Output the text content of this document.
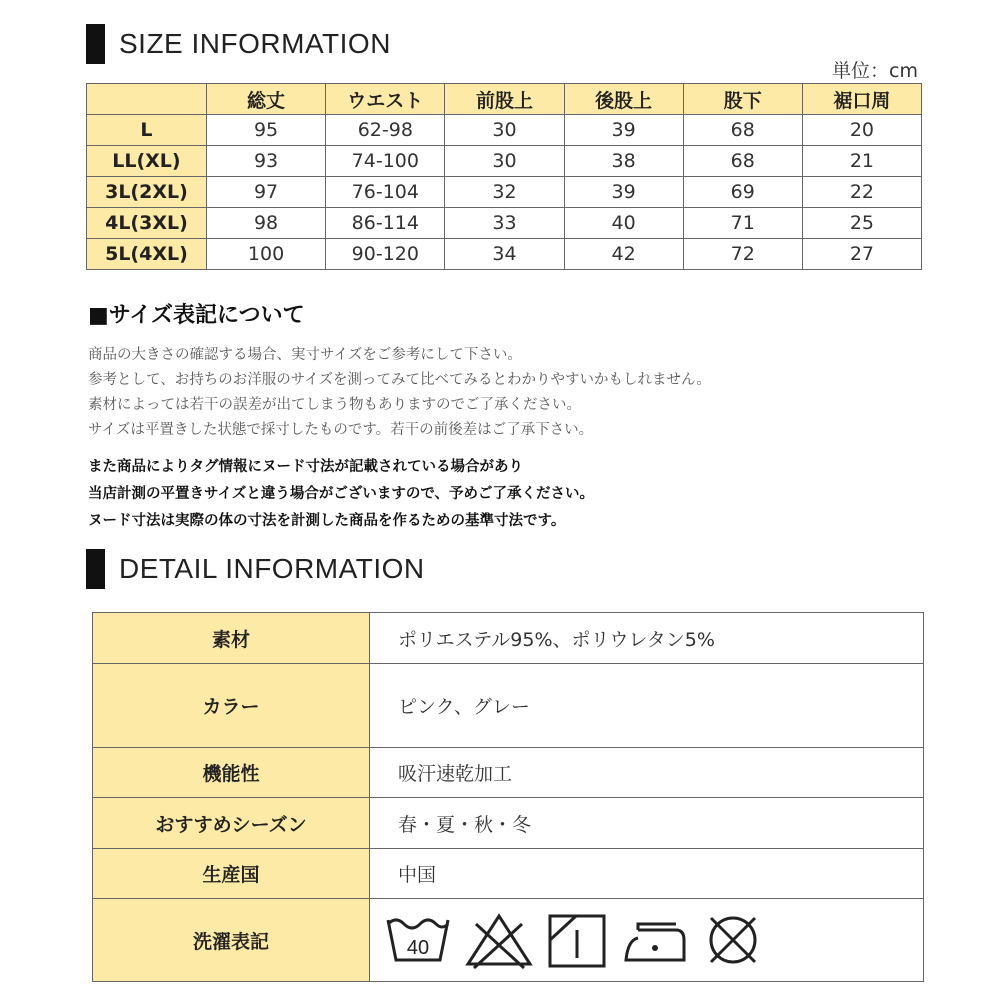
SIZE INFORMATION
単位：cm
	総丈	ウエスト	前股上	後股上	股下	裾口周
L	95	62-98	30	39	68	20
LL(XL)	93	74-100	30	38	68	21
3L(2XL)	97	76-104	32	39	69	22
4L(3XL)	98	86-114	33	40	71	25
5L(4XL)	100	90-120	34	42	72	27
■サイズ表記について

商品の大きさの確認する場合、実寸サイズをご参考にして下さい。

参考として、お持ちのお洋服のサイズを測ってみて比べてみるとわかりやすいかもしれません。

素材によっては若干の誤差が出てしまう物もありますのでご了承ください。

サイズは平置きした状態で採寸したものです。若干の前後差はご了承下さい。

また商品によりタグ情報にヌード寸法が記載されている場合があり

当店計測の平置きサイズと違う場合がございますので、予めご了承ください。

ヌード寸法は実際の体の寸法を計測した商品を作るための基準寸法です。

DETAIL INFORMATION
素材	ポリエステル95%、ポリウレタン5%
カラー	ピンク、グレー
機能性	吸汗速乾加工
おすすめシーズン	春・夏・秋・冬
生産国	中国
洗濯表記	40
